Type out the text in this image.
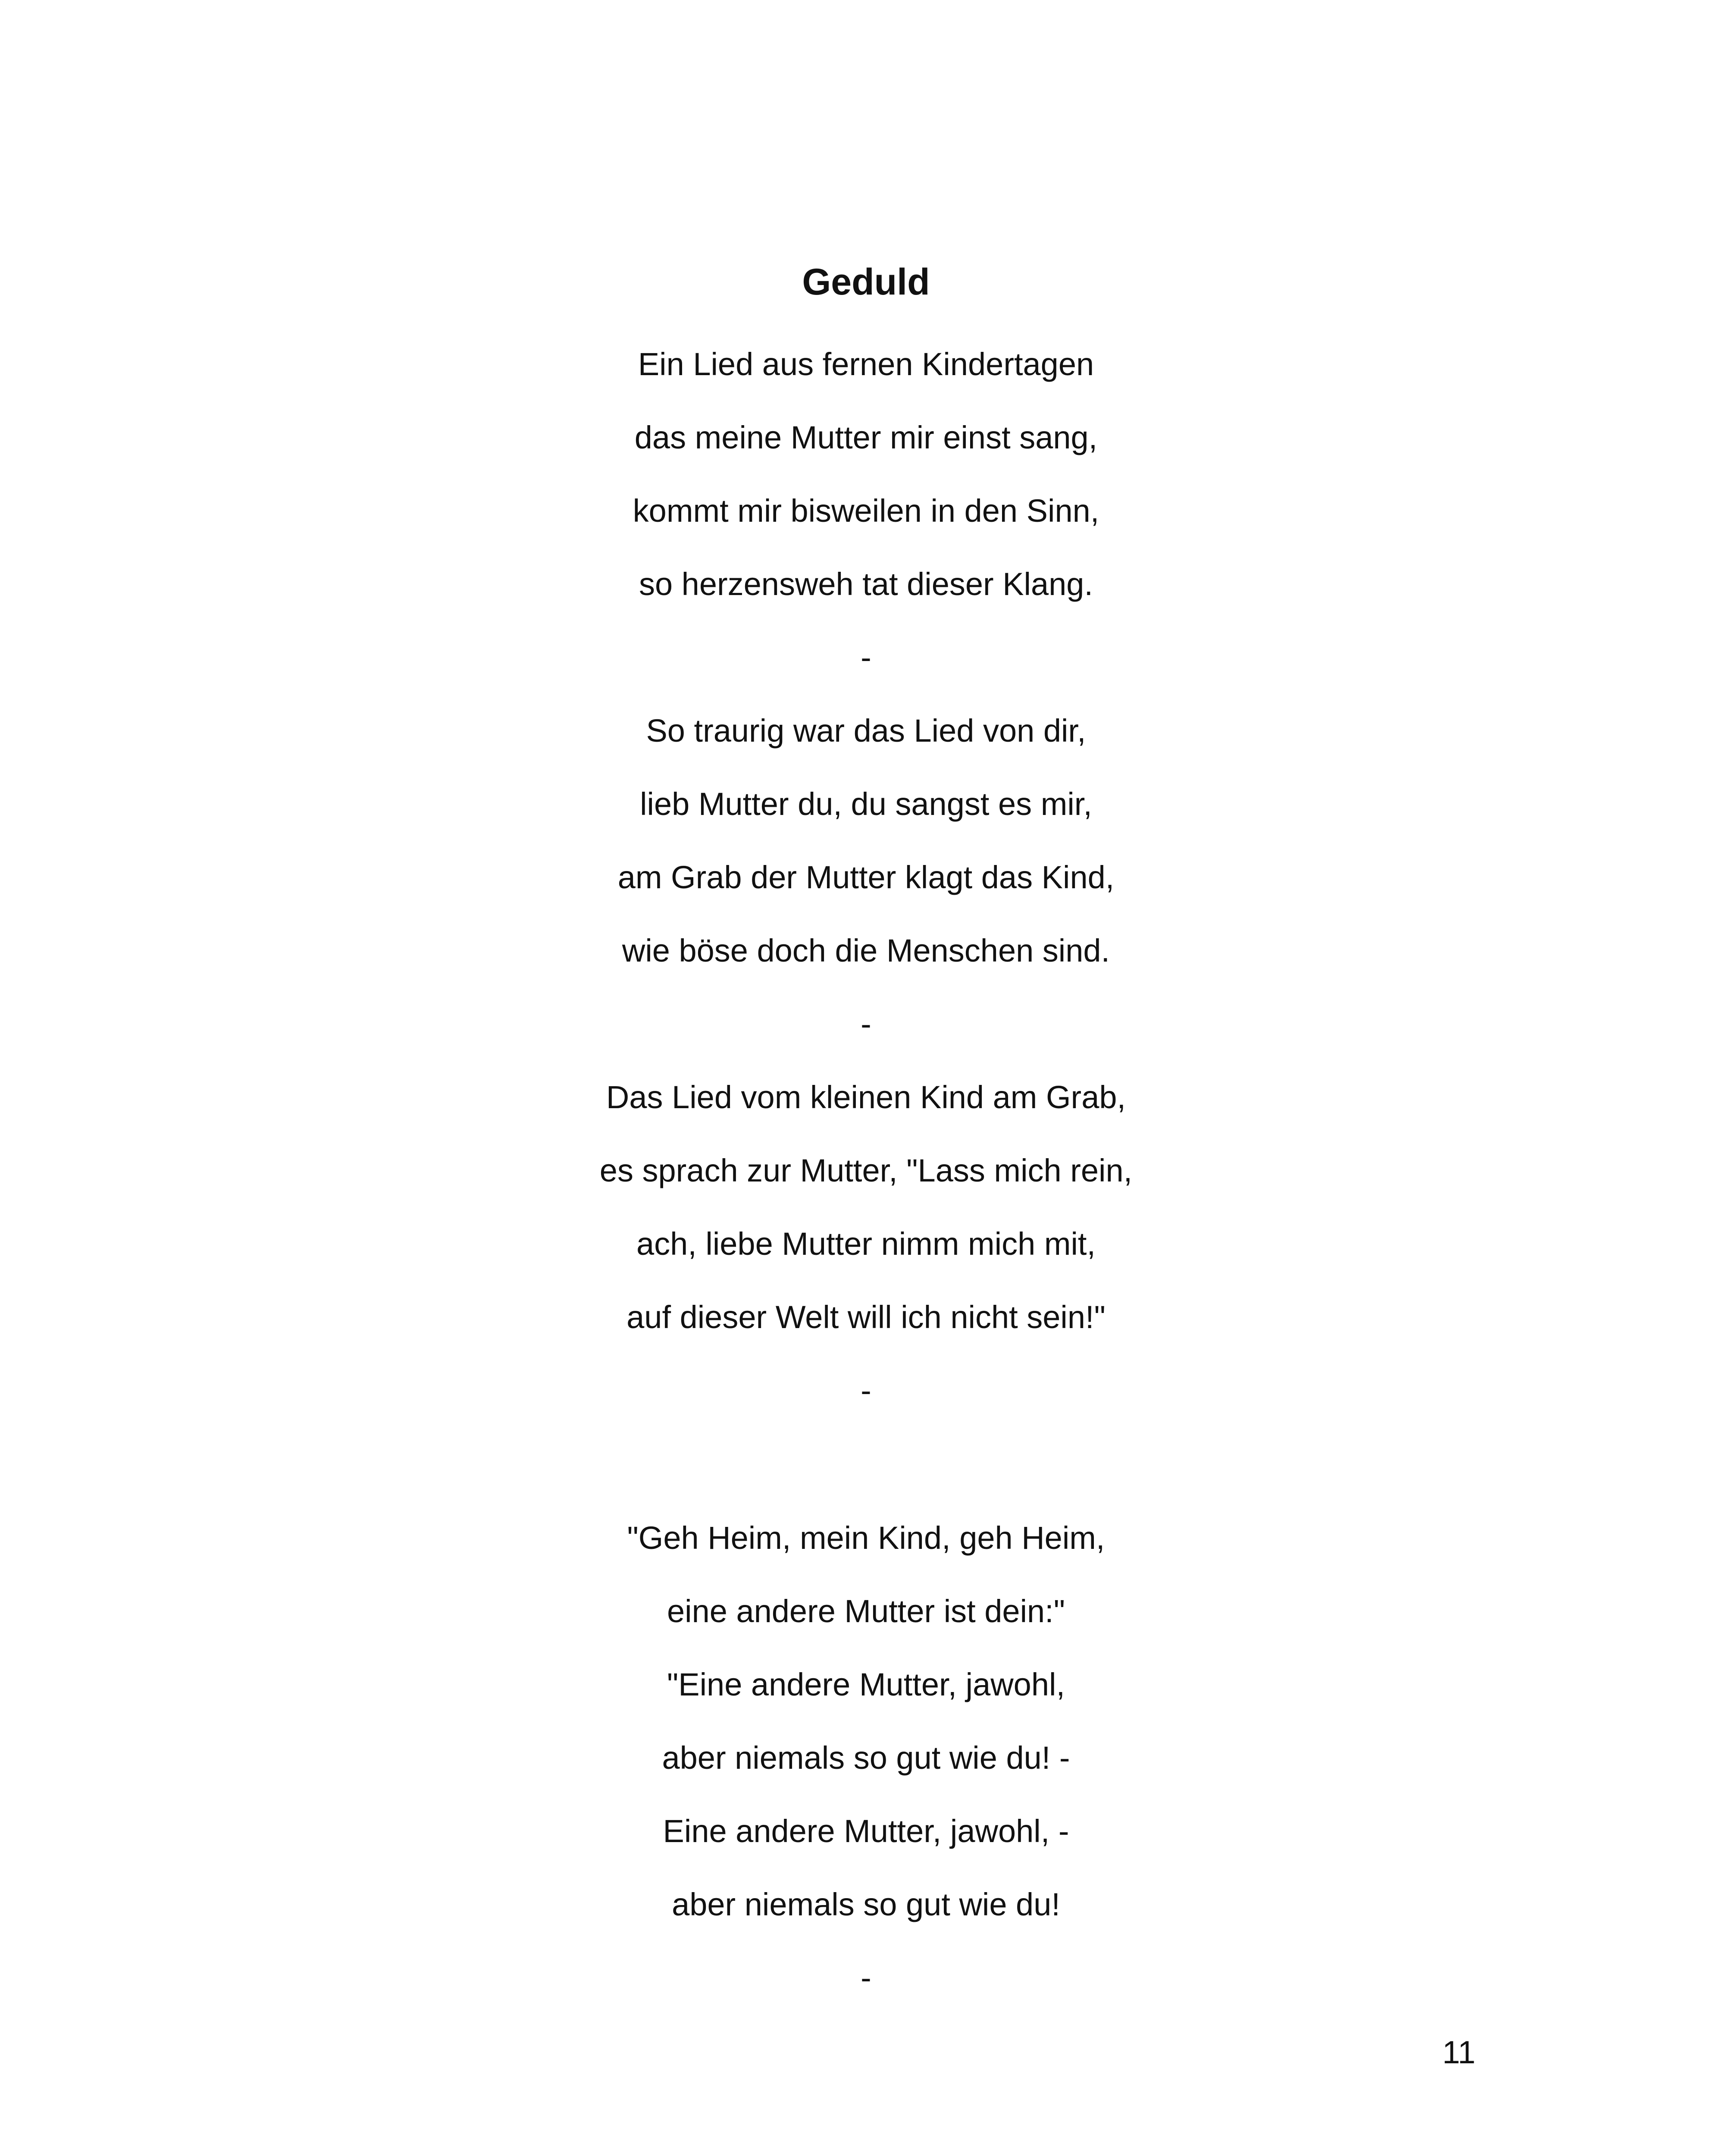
Geduld
Ein Lied aus fernen Kindertagen
das meine Mutter mir einst sang,
kommt mir bisweilen in den Sinn,
so herzensweh tat dieser Klang.
-
So traurig war das Lied von dir,
lieb Mutter du, du sangst es mir,
am Grab der Mutter klagt das Kind,
wie böse doch die Menschen sind.
-
Das Lied vom kleinen Kind am Grab,
es sprach zur Mutter, "Lass mich rein,
ach, liebe Mutter nimm mich mit,
auf dieser Welt will ich nicht sein!"
-
"Geh Heim, mein Kind, geh Heim,
eine andere Mutter ist dein:"
"Eine andere Mutter, jawohl,
aber niemals so gut wie du! -
Eine andere Mutter, jawohl, -
aber niemals so gut wie du!
-
11
